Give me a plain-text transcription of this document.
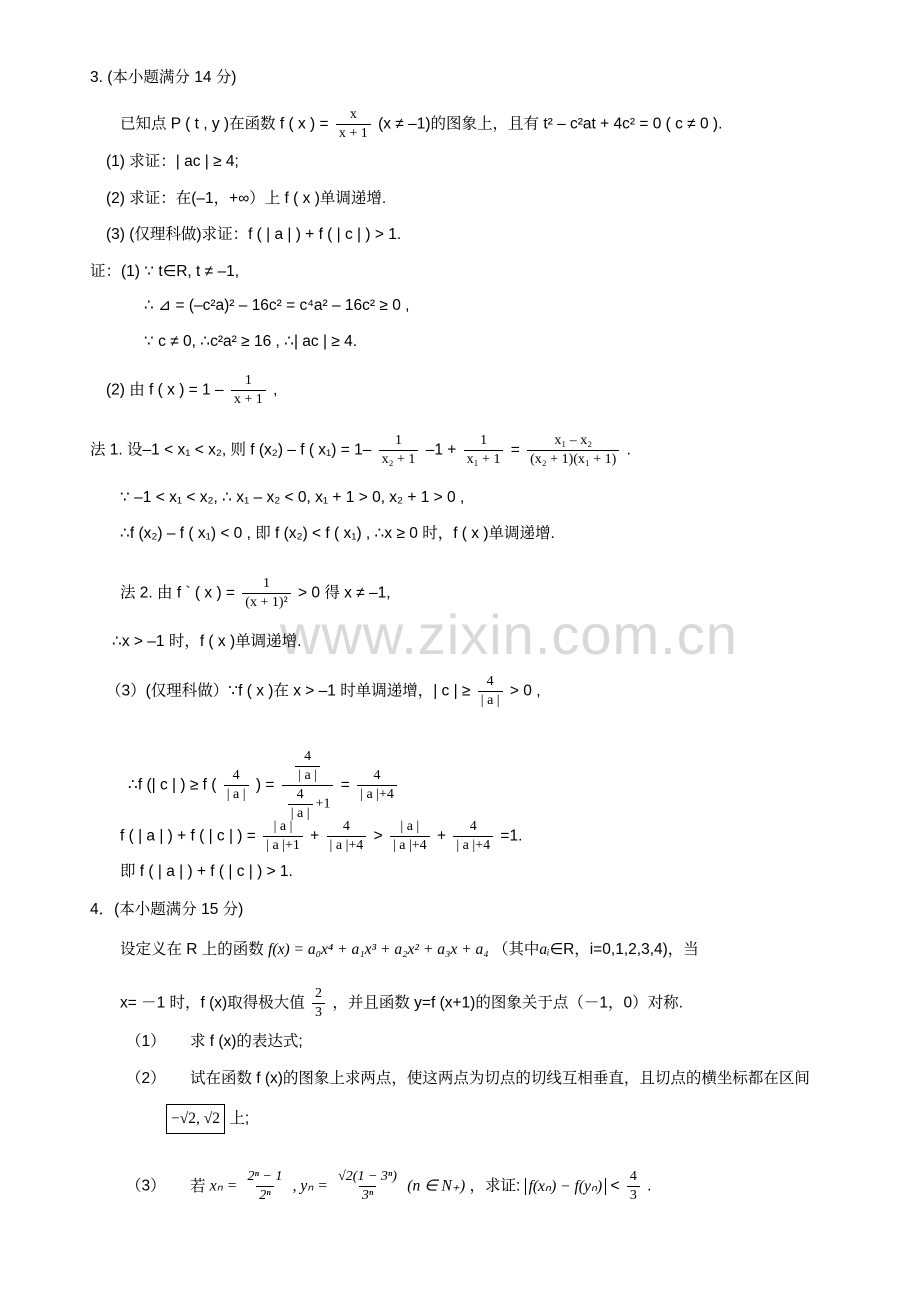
www.zixin.com.cn
3. (本小题满分 14 分)
已知点 P ( t , y )在函数 f ( x ) = $\frac{x}{x + 1} (x \ne -1)$的图象上，且有 t² – c²at + 4c² = 0 ( c ≠ 0 ).
(1) 求证：| ac | ≥ 4;
(2) 求证：在(–1，+∞）上 f ( x )单调递增.
(3) (仅理科做)求证：f ( | a | ) + f ( | c | ) > 1.
证：(1) ∵ t∈R, t ≠ –1,
∴ ⊿ = (–c²a)² – 16c² = c⁴a² – 16c² ≥ 0 ,
∵ c ≠ 0, ∴c²a² ≥ 16 , ∴| ac | ≥ 4.
(2) 由 f ( x ) = $1 - \frac{1}{x + 1}$ ,
法 1. 设–1 < x₁ < x₂, 则 f (x₂) – f ( $x_1) = 1- \frac{1}{\text{x₂ + 1}} -1 + \frac{1}{\text{x₁ + 1}} = \frac{\text{x₁ – x₂}}{\text{(x₂ + 1)(x₁ + 1)}}$ .
∵ –1 < x₁ < x₂, ∴ x₁ – x₂ < 0, x₁ + 1 > 0, x₂ + 1 > 0 ,
∴f (x₂) – f ( x₁) < 0 , 即 f (x₂) < f ( x₁) , ∴x ≥ 0 时，f ( x )单调递增.
法 2. 由 f ` ( x ) = $\frac{1}{\text{(x + 1)²}} > 0$ 得 x ≠ –1,
∴x > –1 时，f ( x )单调递增.
（3）(仅理科做）∵f ( x )在 x > –1 时单调递增，| c | ≥ $\frac{4}{| a |} > 0$ ,
∴f (| c | ) ≥ f ( $\frac{4}{| a |}$ ) = $\frac{\frac{4}{| a |}}{\frac{4}{| a |} +1} = \frac{4}{| a |+4}$
f ( | a | ) + f ( | c | ) = $\frac{| a |}{| a |+1} + \frac{4}{| a |+4} > \frac{| a |}{| a |+4} + \frac{4}{| a |+4} =1$.
即 f ( | a | ) + f ( | c | ) > 1.
4．(本小题满分 15 分)
设定义在 R 上的函数 f(x) = a₀x⁴ + a₁x³ + a₂x² + a₃x + a₄ （其中aᵢ∈R，i=0,1,2,3,4)，当
x= －1 时，f (x)取得极大值 $\frac{2}{3}$ ，并且函数 y=f (x+1)的图象关于点（－1，0）对称.
（1） 求 f (x)的表达式;
（2） 试在函数 f (x)的图象上求两点，使这两点为切点的切线互相垂直，且切点的横坐标都在区间
−√2, √2 上;
（3） 若 $x_n = \frac{\text{2ⁿ − 1}}{\text{2ⁿ}}$ , $y_n = \frac{\text{√2(1 − 3ⁿ)}}{\text{3ⁿ}} (n$ ∈ N₊) ，求证: $f(x_n) - f(y_n) < \frac{4}{3}$ .
